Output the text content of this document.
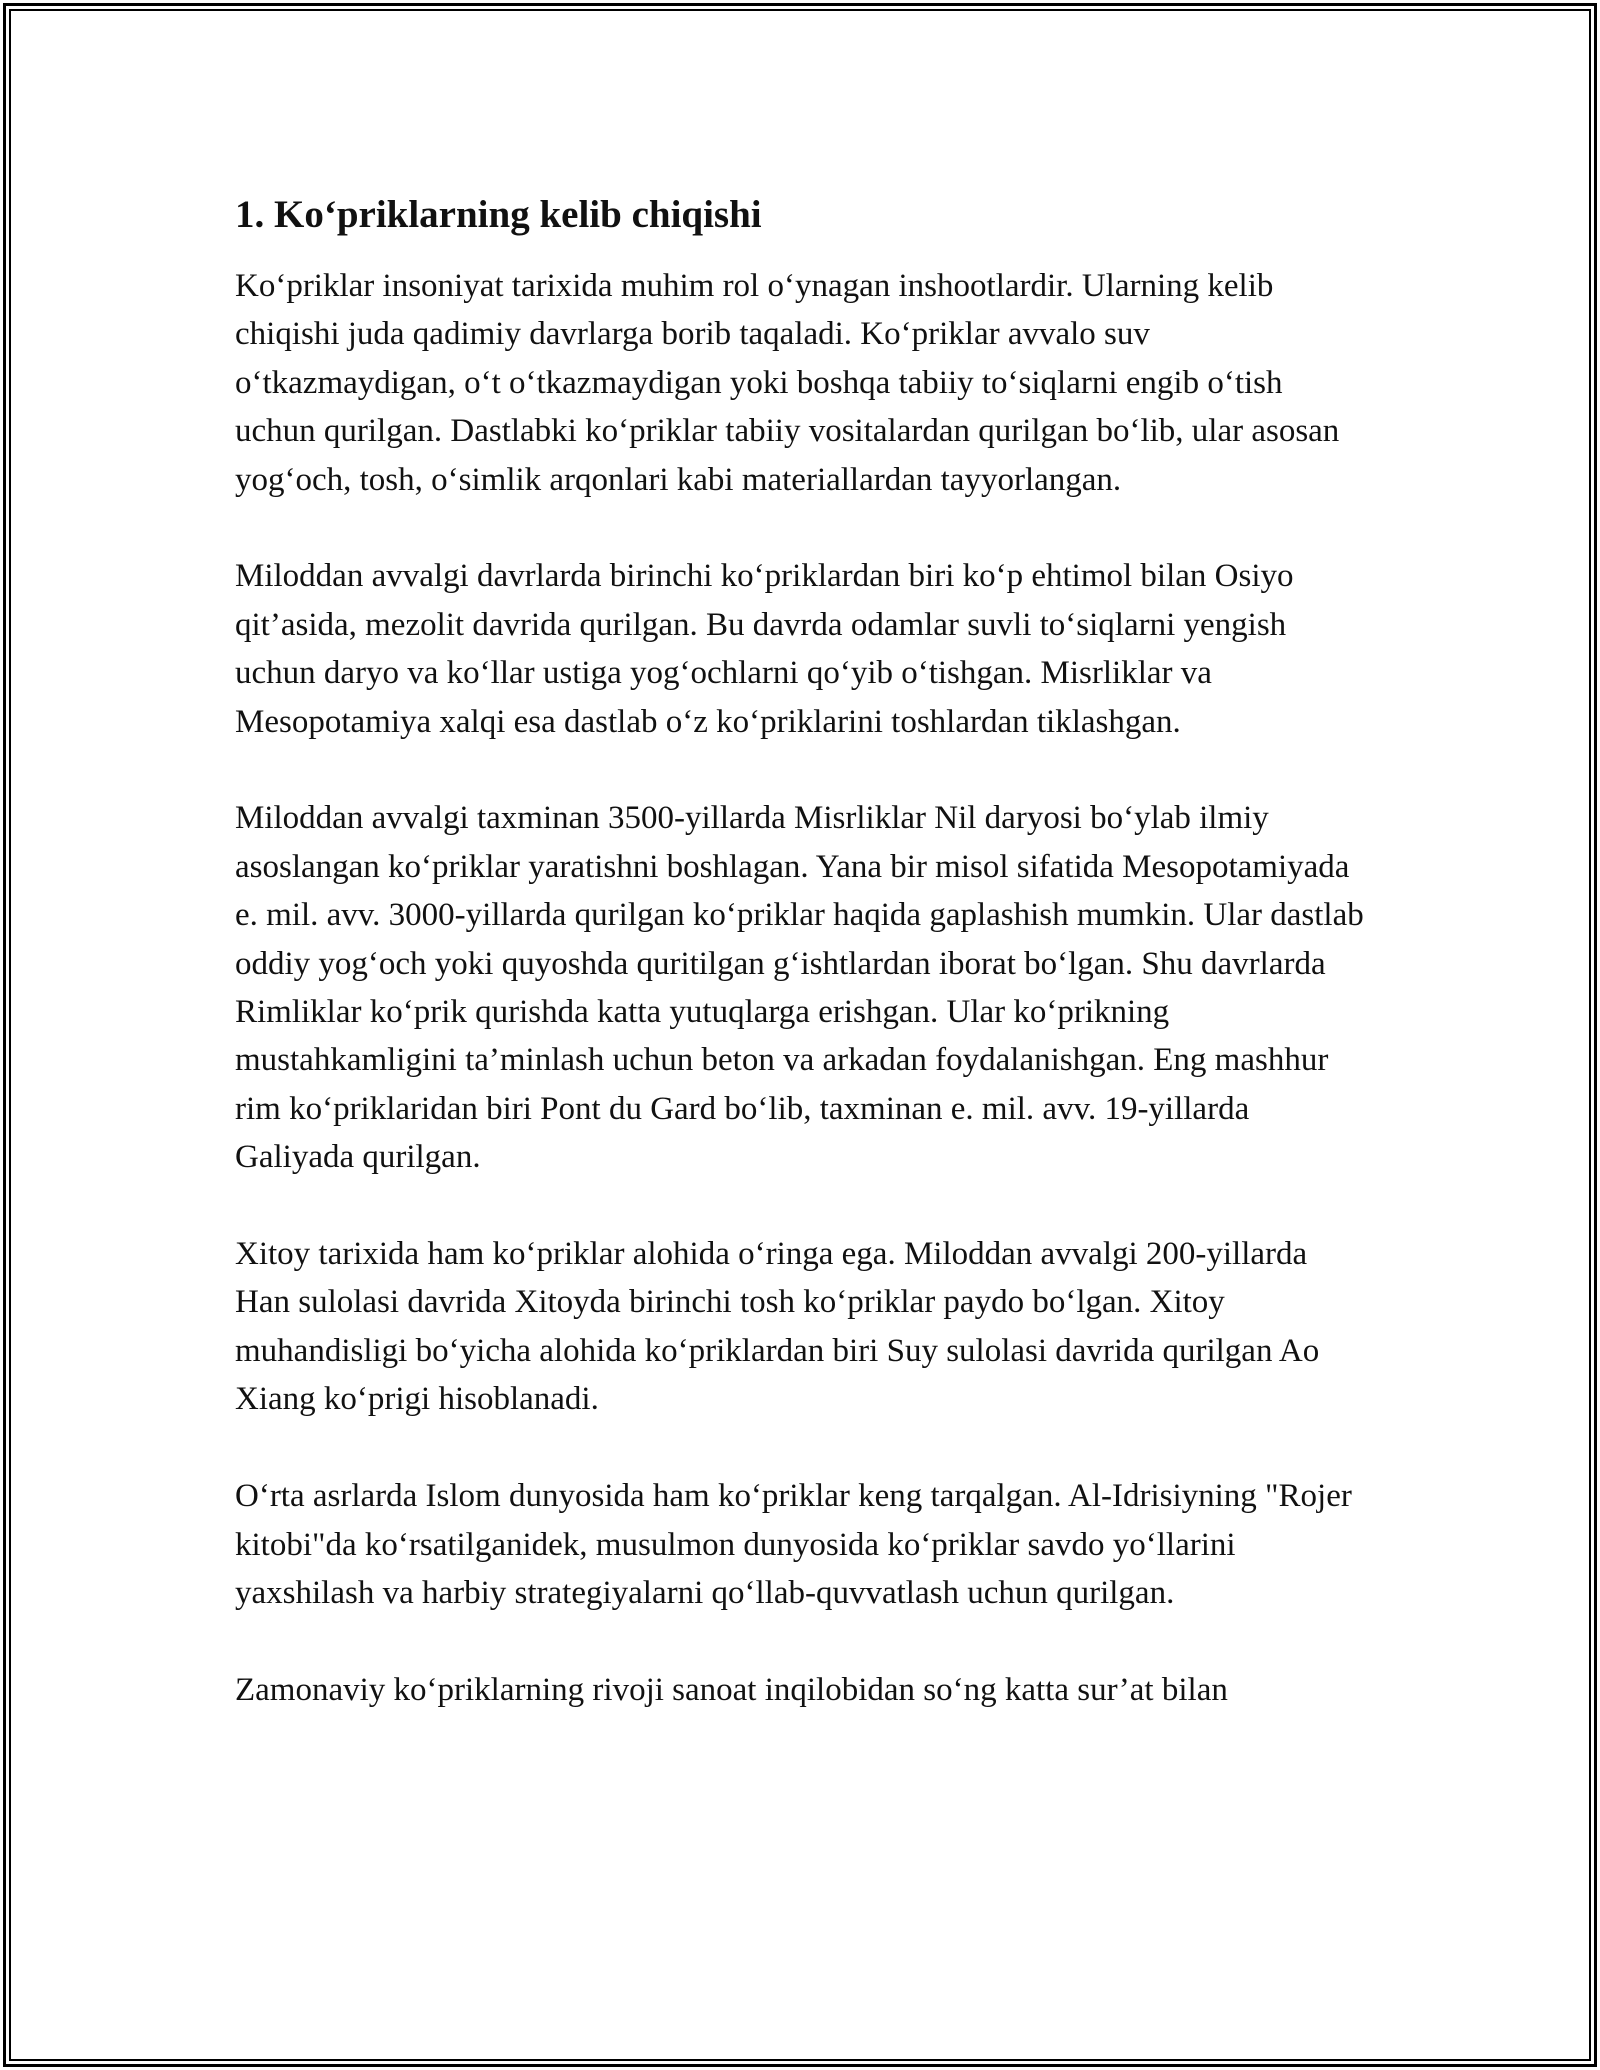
1. Ko‘priklarning kelib chiqishi

Ko‘priklar insoniyat tarixida muhim rol o‘ynagan inshootlardir. Ularning kelib chiqishi juda qadimiy davrlarga borib taqaladi. Ko‘priklar avvalo suv o‘tkazmaydigan, o‘t o‘tkazmaydigan yoki boshqa tabiiy to‘siqlarni engib o‘tish uchun qurilgan. Dastlabki ko‘priklar tabiiy vositalardan qurilgan bo‘lib, ular asosan yog‘och, tosh, o‘simlik arqonlari kabi materiallardan tayyorlangan.

Miloddan avvalgi davrlarda birinchi ko‘priklardan biri ko‘p ehtimol bilan Osiyo qit’asida, mezolit davrida qurilgan. Bu davrda odamlar suvli to‘siqlarni yengish uchun daryo va ko‘llar ustiga yog‘ochlarni qo‘yib o‘tishgan. Misrliklar va Mesopotamiya xalqi esa dastlab o‘z ko‘priklarini toshlardan tiklashgan.

Miloddan avvalgi taxminan 3500-yillarda Misrliklar Nil daryosi bo‘ylab ilmiy asoslangan ko‘priklar yaratishni boshlagan. Yana bir misol sifatida Mesopotamiyada e. mil. avv. 3000-yillarda qurilgan ko‘priklar haqida gaplashish mumkin. Ular dastlab oddiy yog‘och yoki quyoshda quritilgan g‘ishtlardan iborat bo‘lgan. Shu davrlarda Rimliklar ko‘prik qurishda katta yutuqlarga erishgan. Ular ko‘prikning mustahkamligini ta’minlash uchun beton va arkadan foydalanishgan. Eng mashhur rim ko‘priklaridan biri Pont du Gard bo‘lib, taxminan e. mil. avv. 19-yillarda Galiyada qurilgan.

Xitoy tarixida ham ko‘priklar alohida o‘ringa ega. Miloddan avvalgi 200-yillarda Han sulolasi davrida Xitoyda birinchi tosh ko‘priklar paydo bo‘lgan. Xitoy muhandisligi bo‘yicha alohida ko‘priklardan biri Suy sulolasi davrida qurilgan Ao Xiang ko‘prigi hisoblanadi.

O‘rta asrlarda Islom dunyosida ham ko‘priklar keng tarqalgan. Al-Idrisiyning "Rojer kitobi"da ko‘rsatilganidek, musulmon dunyosida ko‘priklar savdo yo‘llarini yaxshilash va harbiy strategiyalarni qo‘llab-quvvatlash uchun qurilgan.

Zamonaviy ko‘priklarning rivoji sanoat inqilobidan so‘ng katta sur’at bilan
